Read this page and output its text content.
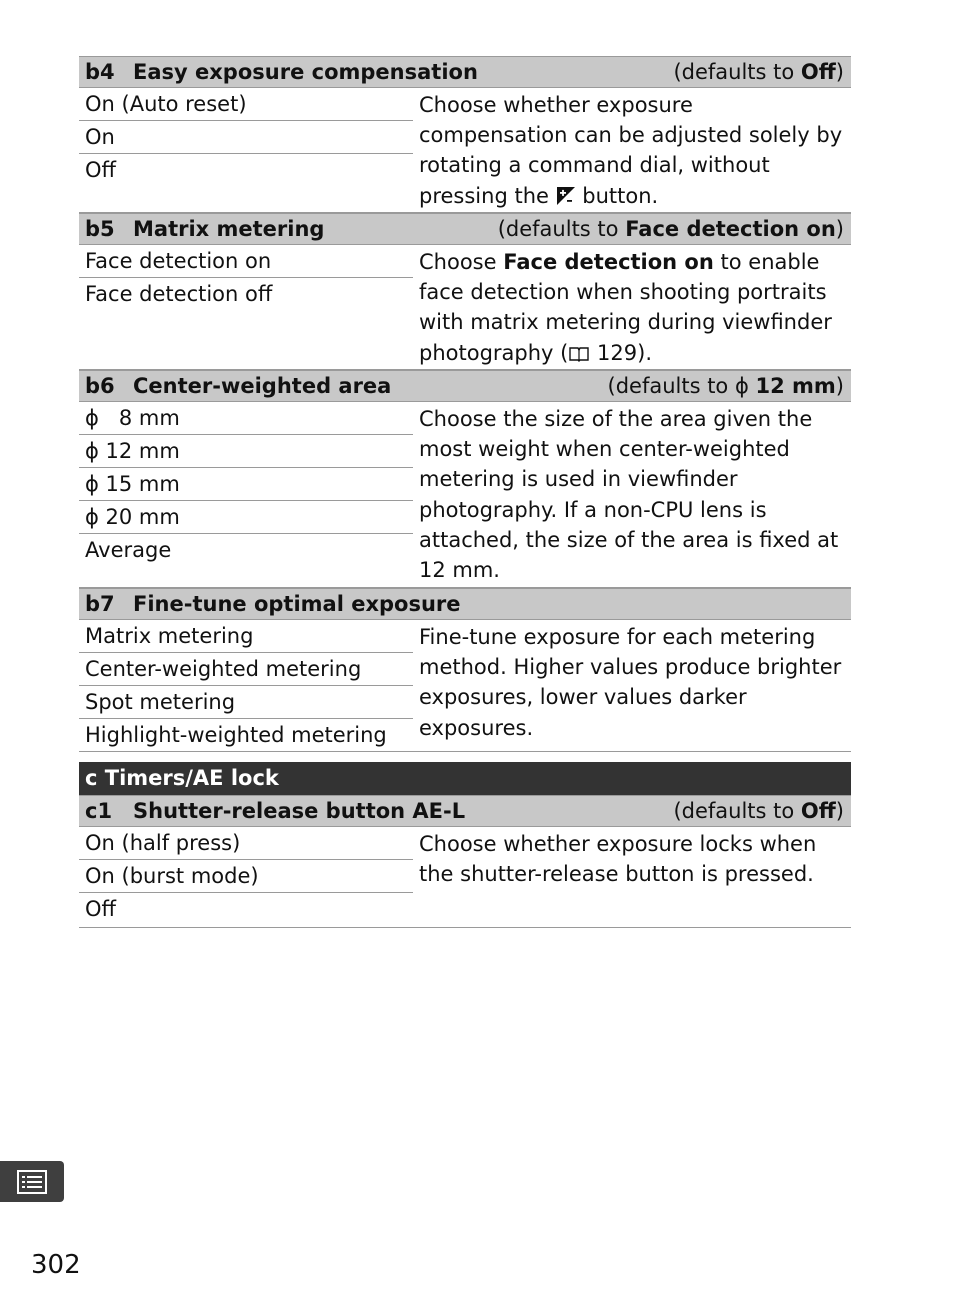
b4 Easy exposure compensation	(defaults to Off)
On (Auto reset)
On
Off
Choose whether exposure compensation can be adjusted solely by rotating a command dial, without pressing the button.
b5 Matrix metering	(defaults to Face detection on)
Face detection on
Face detection off
Choose Face detection on to enable face detection when shooting portraits with matrix metering during viewfinder photography ( 129).
b6 Center-weighted area	(defaults to ϕ 12 mm)
ϕ   8 mm
ϕ 12 mm
ϕ 15 mm
ϕ 20 mm
Average
Choose the size of the area given the most weight when center-weighted metering is used in viewfinder photography. If a non-CPU lens is attached, the size of the area is fixed at 12 mm.
b7 Fine-tune optimal exposure
Matrix metering
Center-weighted metering
Spot metering
Highlight-weighted metering
Fine-tune exposure for each metering method. Higher values produce brighter exposures, lower values darker exposures.
c Timers/AE lock
c1 Shutter-release button AE-L	(defaults to Off)
On (half press)
On (burst mode)
Off
Choose whether exposure locks when the shutter-release button is pressed.
302
